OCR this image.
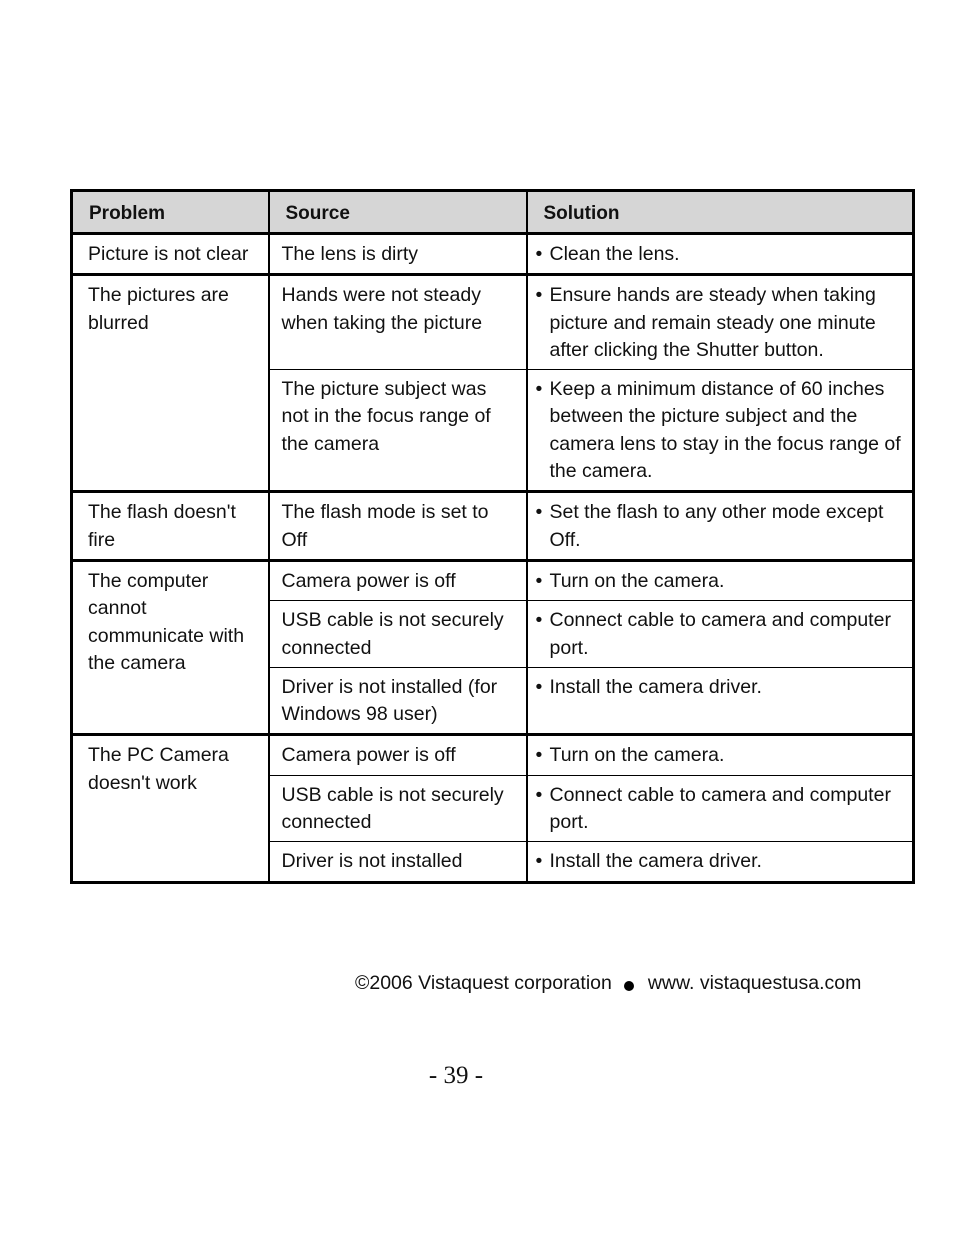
Problem	Source	Solution
Picture is not clear	The lens is dirty	• Clean the lens.

The pictures are blurred	Hands were not steady when taking the picture	• Ensure hands are steady when taking picture and remain steady one minute after clicking the Shutter button.

	The picture subject was not in the focus range of the camera	• Keep a minimum distance of 60 inches between the picture subject and the camera lens to stay in the focus range of the camera.

The flash doesn't fire	The flash mode is set to Off	• Set the flash to any other mode except Off.

The computer cannot communicate with the camera	Camera power is off	• Turn on the camera.

	USB cable is not securely connected	• Connect cable to camera and computer port.

	Driver is not installed (for Windows 98 user)	• Install the camera driver.

The PC Camera doesn't work	Camera power is off	• Turn on the camera.

	USB cable is not securely connected	• Connect cable to camera and computer port.

	Driver is not installed	• Install the camera driver.
©2006 Vistaquest corporation www. vistaquestusa.com
- 39 -
